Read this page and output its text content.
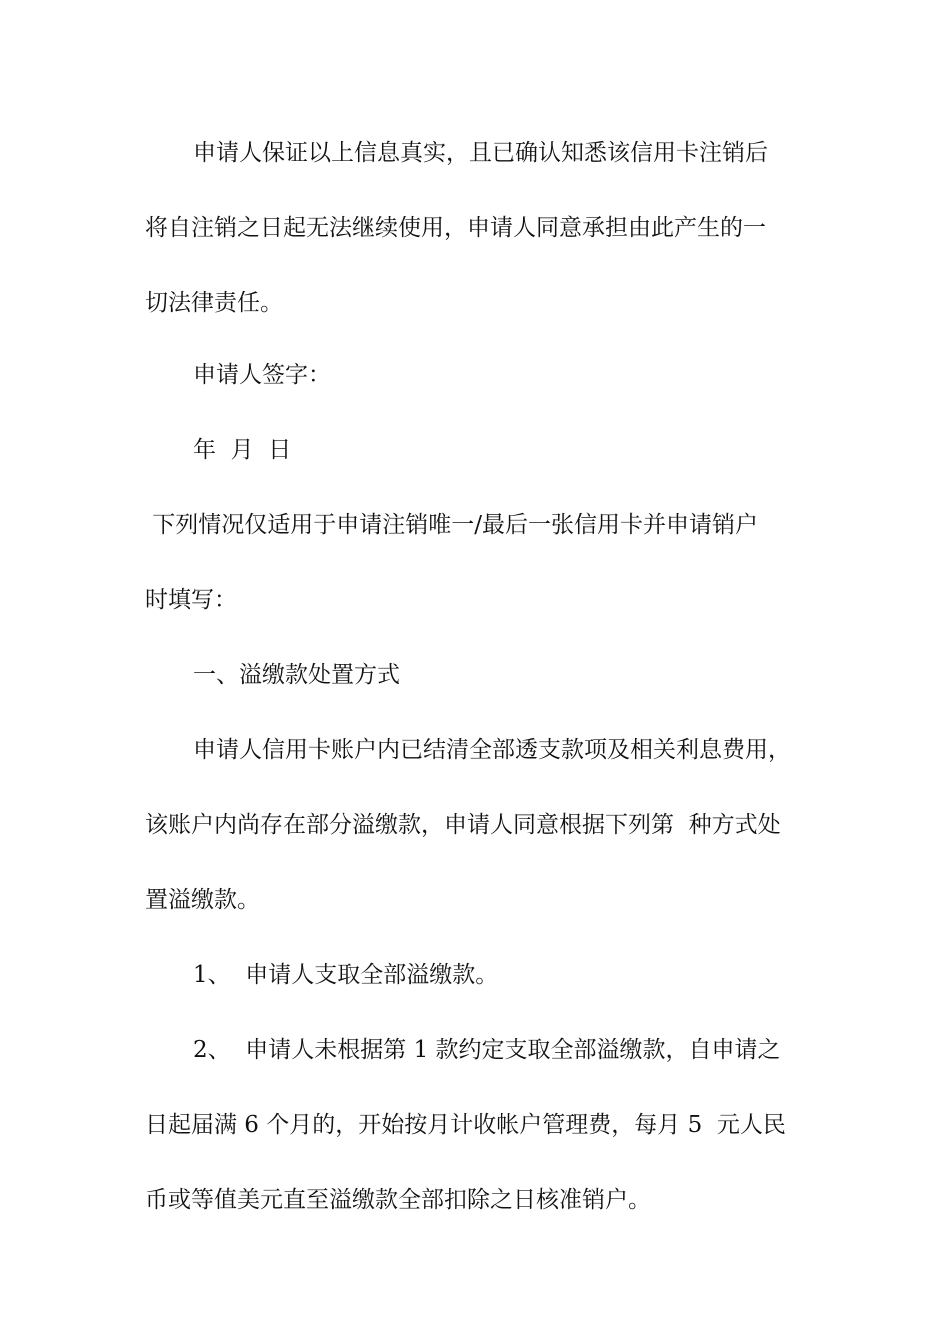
申请人保证以上信息真实，且已确认知悉该信用卡注销后

将自注销之日起无法继续使用，申请人同意承担由此产生的一

切法律责任。

申请人签字：

年  月  日

下列情况仅适用于申请注销唯一/最后一张信用卡并申请销户

时填写：

一、溢缴款处置方式

申请人信用卡账户内已结清全部透支款项及相关利息费用，

该账户内尚存在部分溢缴款，申请人同意根据下列第  种方式处

置溢缴款。

1、  申请人支取全部溢缴款。

2、  申请人未根据第 1 款约定支取全部溢缴款，自申请之

日起届满 6 个月的，开始按月计收帐户管理费，每月 5  元人民

币或等值美元直至溢缴款全部扣除之日核准销户。
